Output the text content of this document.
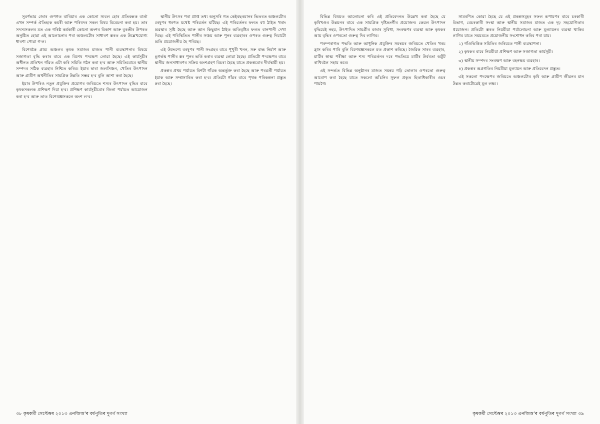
সুবর্ণভাৱ জোৰ গুণগত বাৰিয়াৰ এক কোনো স্যবল হোৰ প্ৰতিবন্ধক বাৰ্তা এখন সম্পৰ্ক ঐতিহ্যক কমৰী আৰু পৰিষদৰ সকল বিষয় বিবেচনা কৰা হয়। তাৰ সদস্যসকলৰ মত এক গৰিষ্ঠ কৰ্মকাৰী কোনো অংশৰ বিকাশ আৰু বুৰঞ্জীৰ উপৰত অনুষ্ঠিত হোৱা এই আলোচনাৰ পৰা অঞ্চলটোৰ সাধাৰণ স্তৰত এক উল্লেখযোগ্য ধাৰণা পোৱা গ'ল।

বিশেষকৈ গ্ৰাম্য অঞ্চলৰ কৃষক সমাজৰ মাজত পানী ব্যৱস্থাপনাৰ বিষয়ে সজাগতা বৃদ্ধি কৰাৰ বাবে এক বিশেষ পদক্ষেপ লোৱা হৈছে। এই কাৰ্যসূচীৰ অধীনত প্ৰতিখন গাঁৱত এটা কৰি সমিতি গঠন কৰা হ'ব আৰু সমিতিবোৰে স্থানীয় সম্পদৰ সঠিক ব্যৱহাৰ নিশ্চিত কৰিব। ইয়াৰ দ্বাৰা জলসিঞ্চন, খেতিৰ উৎপাদন আৰু গ্ৰামীণ অৰ্থনীতিৰ সামগ্ৰিক উন্নতি সম্ভৱ হ'ব বুলি আশা কৰা হৈছে।

ইয়াৰ উপৰিও নতুন প্ৰযুক্তিৰ প্ৰয়োগৰ জৰিয়তে শস্যৰ উৎপাদন বৃদ্ধিৰ বাবে কৃষকসকলক প্ৰশিক্ষণ দিয়া হ'ব। প্ৰশিক্ষণ কাৰ্যসূচীবোৰ জিলা পৰ্যায়ত আয়োজন কৰা হ'ব আৰু তাত বিশেষজ্ঞসকলে অংশ ল'ব।

স্থানীয় উৎসৰ পৰা প্ৰাপ্ত তথ্য অনুসৰি গত কেইবছৰমানৰ ভিতৰত অঞ্চলটোৰ বৰষুণৰ ধৰণত যথেষ্ট পৰিৱৰ্তন ঘটিছে। এই পৰিৱৰ্তনৰ ফলত বহু ঠাইত খৰাং অৱস্থাৰ সৃষ্টি হৈছে আৰু আন কিছুমান ঠাইত অতিবৃষ্টিৰ ফলত বানপানী দেখা দিছে। এই পৰিস্থিতিত পানীৰ সঞ্চয় আৰু পুনৰ ব্যৱহাৰৰ ওপৰত গুৰুত্ব দিয়াটো অতি প্ৰয়োজনীয় হৈ পৰিছে।

এই উদ্দেশ্যে বৰষুণৰ পানী সংগ্ৰহৰ বাবে পুখুৰী খনন, সৰু বান্ধ নিৰ্মাণ আৰু ভূগৰ্ভস্থ পানীৰ স্তৰ পুনৰ ভৰ্তি কৰাৰ ব্যৱস্থা লোৱা হৈছে। প্ৰতিটো পদক্ষেপৰ বাবে স্থানীয় জনসাধাৰণৰ সক্ৰিয় অংশগ্ৰহণ বিচৰা হৈছে যাতে প্ৰকল্পবোৰ দীৰ্ঘস্থায়ী হয়।

প্ৰকল্পৰ প্ৰথম পৰ্যায়ত বিশটা গাঁৱক অন্তৰ্ভুক্ত কৰা হৈছে আৰু পৰৱৰ্তী পৰ্যায়ত ইয়াক আৰু সম্প্ৰসাৰিত কৰা হ'ব। প্ৰতিটো গাঁৱৰ বাবে পৃথক পৰিকল্পনা প্ৰস্তুত কৰা হৈছে।

বিভিন্ন বিষয়ত আলোচনা কৰি এই প্ৰতিবেদনত উল্লেখ কৰা হৈছে যে কৃষিখণ্ডৰ উন্নয়নৰ বাবে এক সামগ্ৰিক দৃষ্টিভংগীৰ প্ৰয়োজন। কেৱল উৎপাদন বৃদ্ধিয়েই নহয়, উৎপাদিত সামগ্ৰীৰ বজাৰ সুবিধা, সংৰক্ষণৰ ব্যৱস্থা আৰু কৃষকৰ আয় বৃদ্ধিৰ ওপৰতো গুৰুত্ব দিব লাগিব।

পৰম্পৰাগত পদ্ধতি আৰু আধুনিক প্ৰযুক্তিৰ সমন্বয়ৰ জৰিয়তে খেতিৰ খৰচ হ্ৰাস কৰিব পাৰি বুলি বিশেষজ্ঞসকলে মত প্ৰকাশ কৰিছে। জৈৱিক সাৰৰ ব্যৱহাৰ, মাটিৰ স্বাস্থ্য পৰীক্ষা আৰু শস্য পৰিৱৰ্তনৰ দৰে পদ্ধতিয়ে মাটিৰ উৰ্বৰতা অটুট ৰাখিবলৈ সহায় কৰে।

এই সন্দৰ্ভত বিভিন্ন অনুষ্ঠানৰ মাজত সমন্বয় গঢ়ি তোলাৰ ওপৰতো গুৰুত্ব আৰোপ কৰা হৈছে যাতে সকলো আঁচনিৰ সুফল প্ৰকৃত হিতাধিকাৰীৰ ওচৰ পায়গৈ।

সামৰণিত কোৱা হৈছে যে এই প্ৰকল্পসমূহৰ সফল ৰূপায়ণৰ বাবে চৰকাৰী বিভাগ, বেচৰকাৰী সংস্থা আৰু স্থানীয় সমাজৰ মাজত এক দৃঢ় সহযোগিতাৰ প্ৰয়োজন। প্ৰতিটো স্তৰত নিয়মীয়া পৰ্যালোচনা আৰু মূল্যায়নৰ ব্যৱস্থা থাকিব লাগিব যাতে সময়মতে প্ৰয়োজনীয় সংশোধন কৰিব পৰা যায়।

১) গাঁওভিত্তিক সমিতিৰ জৰিয়তে পানী ব্যৱস্থাপনা।

২) কৃষকৰ বাবে নিয়মীয়া প্ৰশিক্ষণ আৰু সজাগতা কাৰ্যসূচী।

৩) স্থানীয় সম্পদৰ সংৰক্ষণ আৰু বহনক্ষম ব্যৱহাৰ।

৪) প্ৰকল্পৰ অগ্ৰগতিৰ নিয়মীয়া মূল্যায়ন আৰু প্ৰতিবেদন প্ৰস্তুত।

এই সকলো পদক্ষেপৰ জৰিয়তে অঞ্চলটোৰ কৃষি আৰু গ্ৰামীণ জীৱনৰ মান উন্নত কৰাটোৱেই মূল লক্ষ্য।

৩৮ কৃষকৰ্মী সেপ্টেম্বৰ ২০১৩ এনজিঅ'ৰ বৰ্ষপুতিৰ দুগৰ্গ সংখ্যা	কৃষকৰ্মী সেপ্টেম্বৰ ২০১৩ এনজিঅ'ৰ বৰ্ষপুতিৰ দুগৰ্গ সংখ্যা ৩৯
